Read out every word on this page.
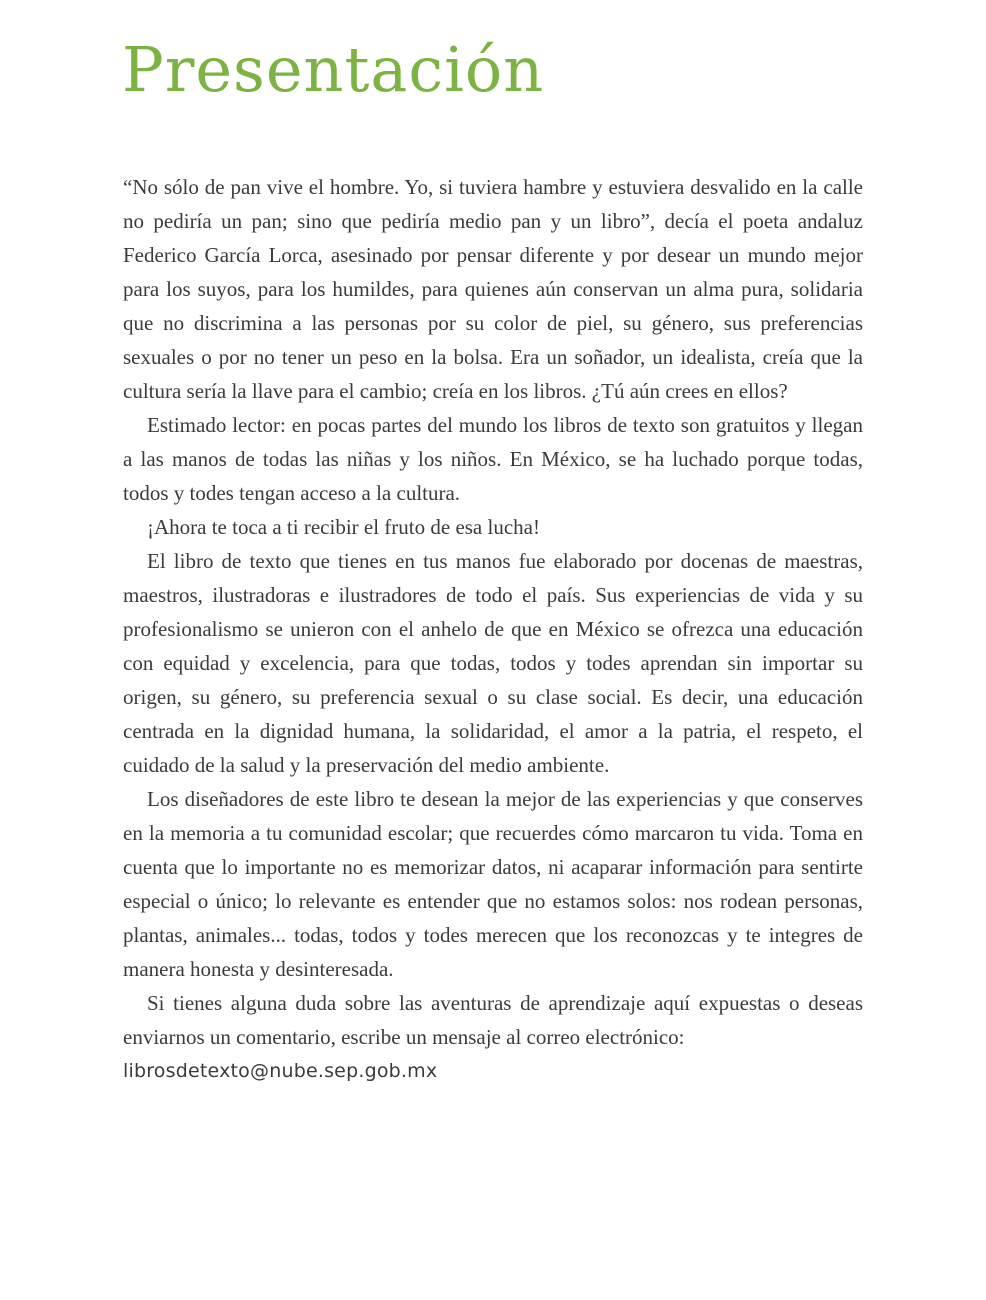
Presentación

“No sólo de pan vive el hombre. Yo, si tuviera hambre y estuviera desvalido en la calle no pediría un pan; sino que pediría medio pan y un libro”, decía el poeta andaluz Federico García Lorca, asesinado por pensar diferente y por desear un mundo mejor para los suyos, para los humildes, para quienes aún conservan un alma pura, solidaria que no discrimina a las personas por su color de piel, su género, sus preferencias sexuales o por no tener un peso en la bolsa. Era un soñador, un idealista, creía que la cultura sería la llave para el cambio; creía en los libros. ¿Tú aún crees en ellos?

Estimado lector: en pocas partes del mundo los libros de texto son gratuitos y llegan a las manos de todas las niñas y los niños. En México, se ha luchado porque todas, todos y todes tengan acceso a la cultura.

¡Ahora te toca a ti recibir el fruto de esa lucha!

El libro de texto que tienes en tus manos fue elaborado por docenas de maestras, maestros, ilustradoras e ilustradores de todo el país. Sus experiencias de vida y su profesionalismo se unieron con el anhelo de que en México se ofrezca una educación con equidad y excelencia, para que todas, todos y todes aprendan sin importar su origen, su género, su preferencia sexual o su clase social. Es decir, una educación centrada en la dignidad humana, la solidaridad, el amor a la patria, el respeto, el cuidado de la salud y la preservación del medio ambiente.

Los diseñadores de este libro te desean la mejor de las experiencias y que conserves en la memoria a tu comunidad escolar; que recuerdes cómo marcaron tu vida. Toma en cuenta que lo importante no es memorizar datos, ni acaparar información para sentirte especial o único; lo relevante es entender que no estamos solos: nos rodean personas, plantas, animales... todas, todos y todes merecen que los reconozcas y te integres de manera honesta y desinteresada.

Si tienes alguna duda sobre las aventuras de aprendizaje aquí expuestas o deseas enviarnos un comentario, escribe un mensaje al correo electrónico:

librosdetexto@nube.sep.gob.mx
